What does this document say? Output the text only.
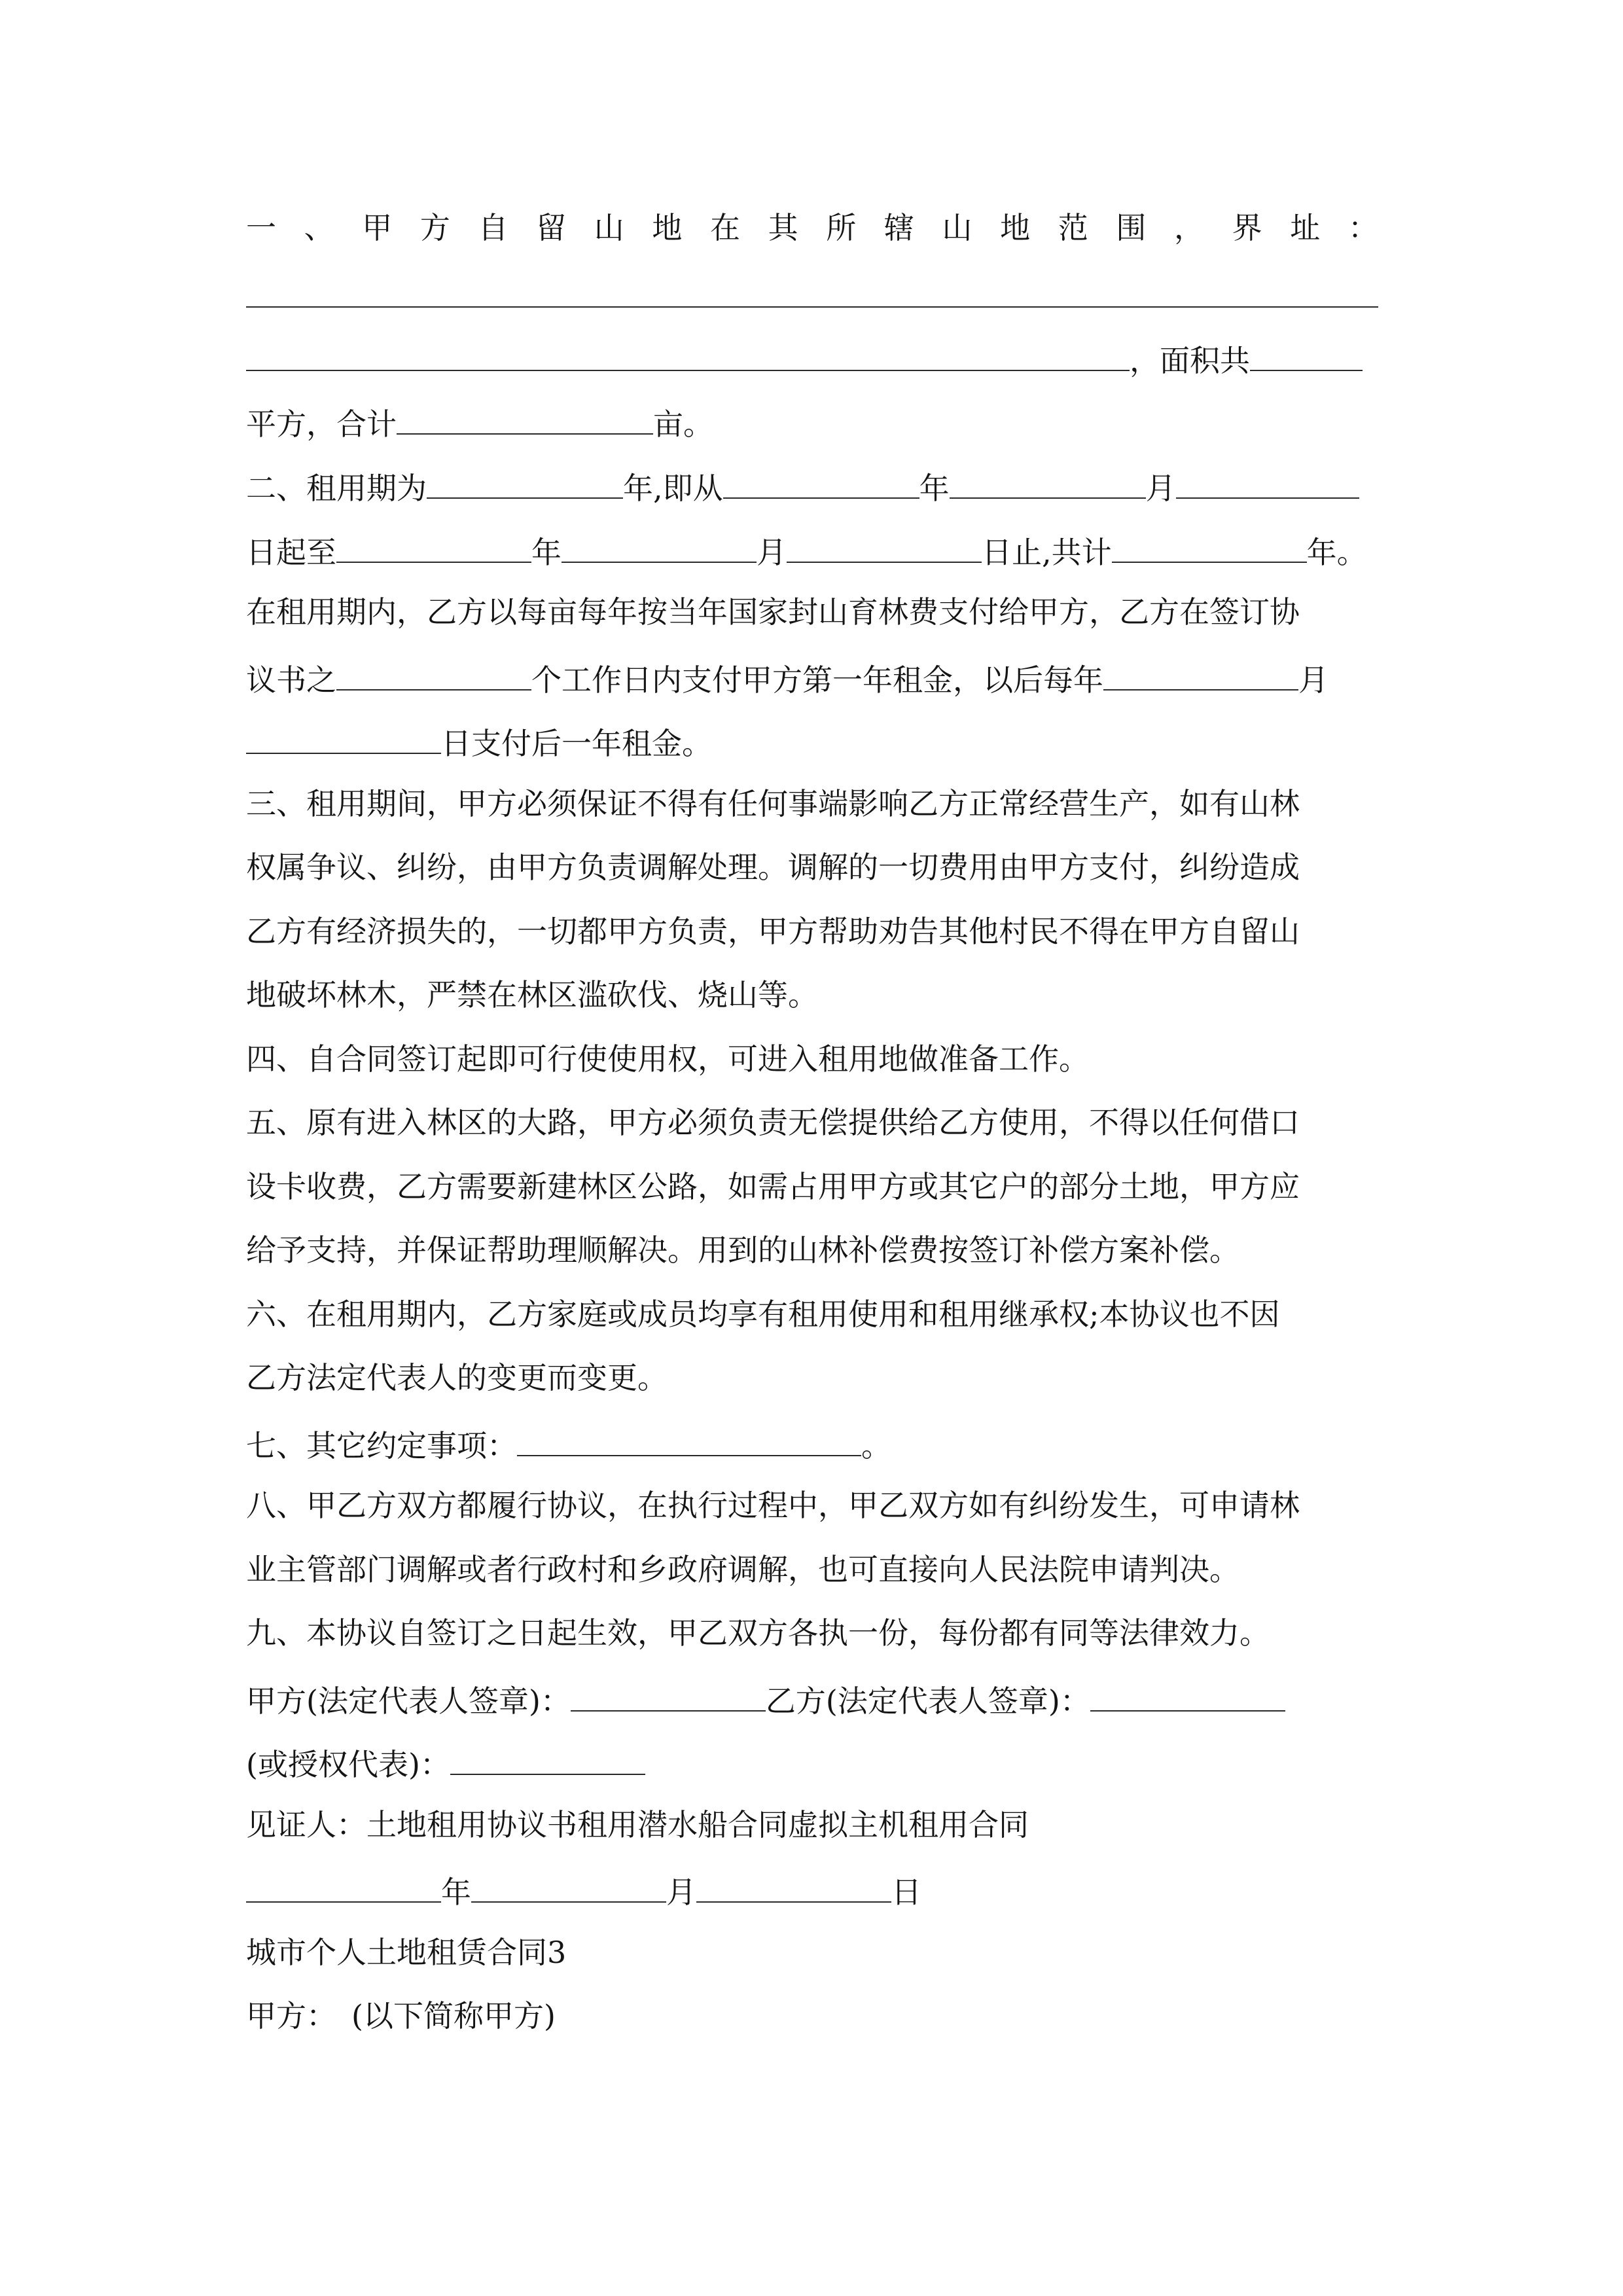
一 、 甲 方 自 留 山 地 在 其 所 辖 山 地 范 围 ， 界 址 ：
，面积共
平方，合计	亩。
二、租用期为	年,即从	年	月
日起至	年	月	日止,共计	年。
在租用期内，乙方以每亩每年按当年国家封山育林费支付给甲方，乙方在签订协
议书之	个工作日内支付甲方第一年租金，以后每年	月
日支付后一年租金。
三、租用期间，甲方必须保证不得有任何事端影响乙方正常经营生产，如有山林
权属争议、纠纷，由甲方负责调解处理。调解的一切费用由甲方支付，纠纷造成
乙方有经济损失的，一切都甲方负责，甲方帮助劝告其他村民不得在甲方自留山
地破坏林木，严禁在林区滥砍伐、烧山等。
四、自合同签订起即可行使使用权，可进入租用地做准备工作。
五、原有进入林区的大路，甲方必须负责无偿提供给乙方使用，不得以任何借口
设卡收费，乙方需要新建林区公路，如需占用甲方或其它户的部分土地，甲方应
给予支持，并保证帮助理顺解决。用到的山林补偿费按签订补偿方案补偿。
六、在租用期内，乙方家庭或成员均享有租用使用和租用继承权;本协议也不因
乙方法定代表人的变更而变更。
七、其它约定事项：	。
八、甲乙方双方都履行协议，在执行过程中，甲乙双方如有纠纷发生，可申请林
业主管部门调解或者行政村和乡政府调解，也可直接向人民法院申请判决。
九、本协议自签订之日起生效，甲乙双方各执一份，每份都有同等法律效力。
甲方(法定代表人签章)：	乙方(法定代表人签章)：
(或授权代表)：
见证人：土地租用协议书租用潜水船合同虚拟主机租用合同
年	月	日
城市个人土地租赁合同3
甲方：　(以下简称甲方)
